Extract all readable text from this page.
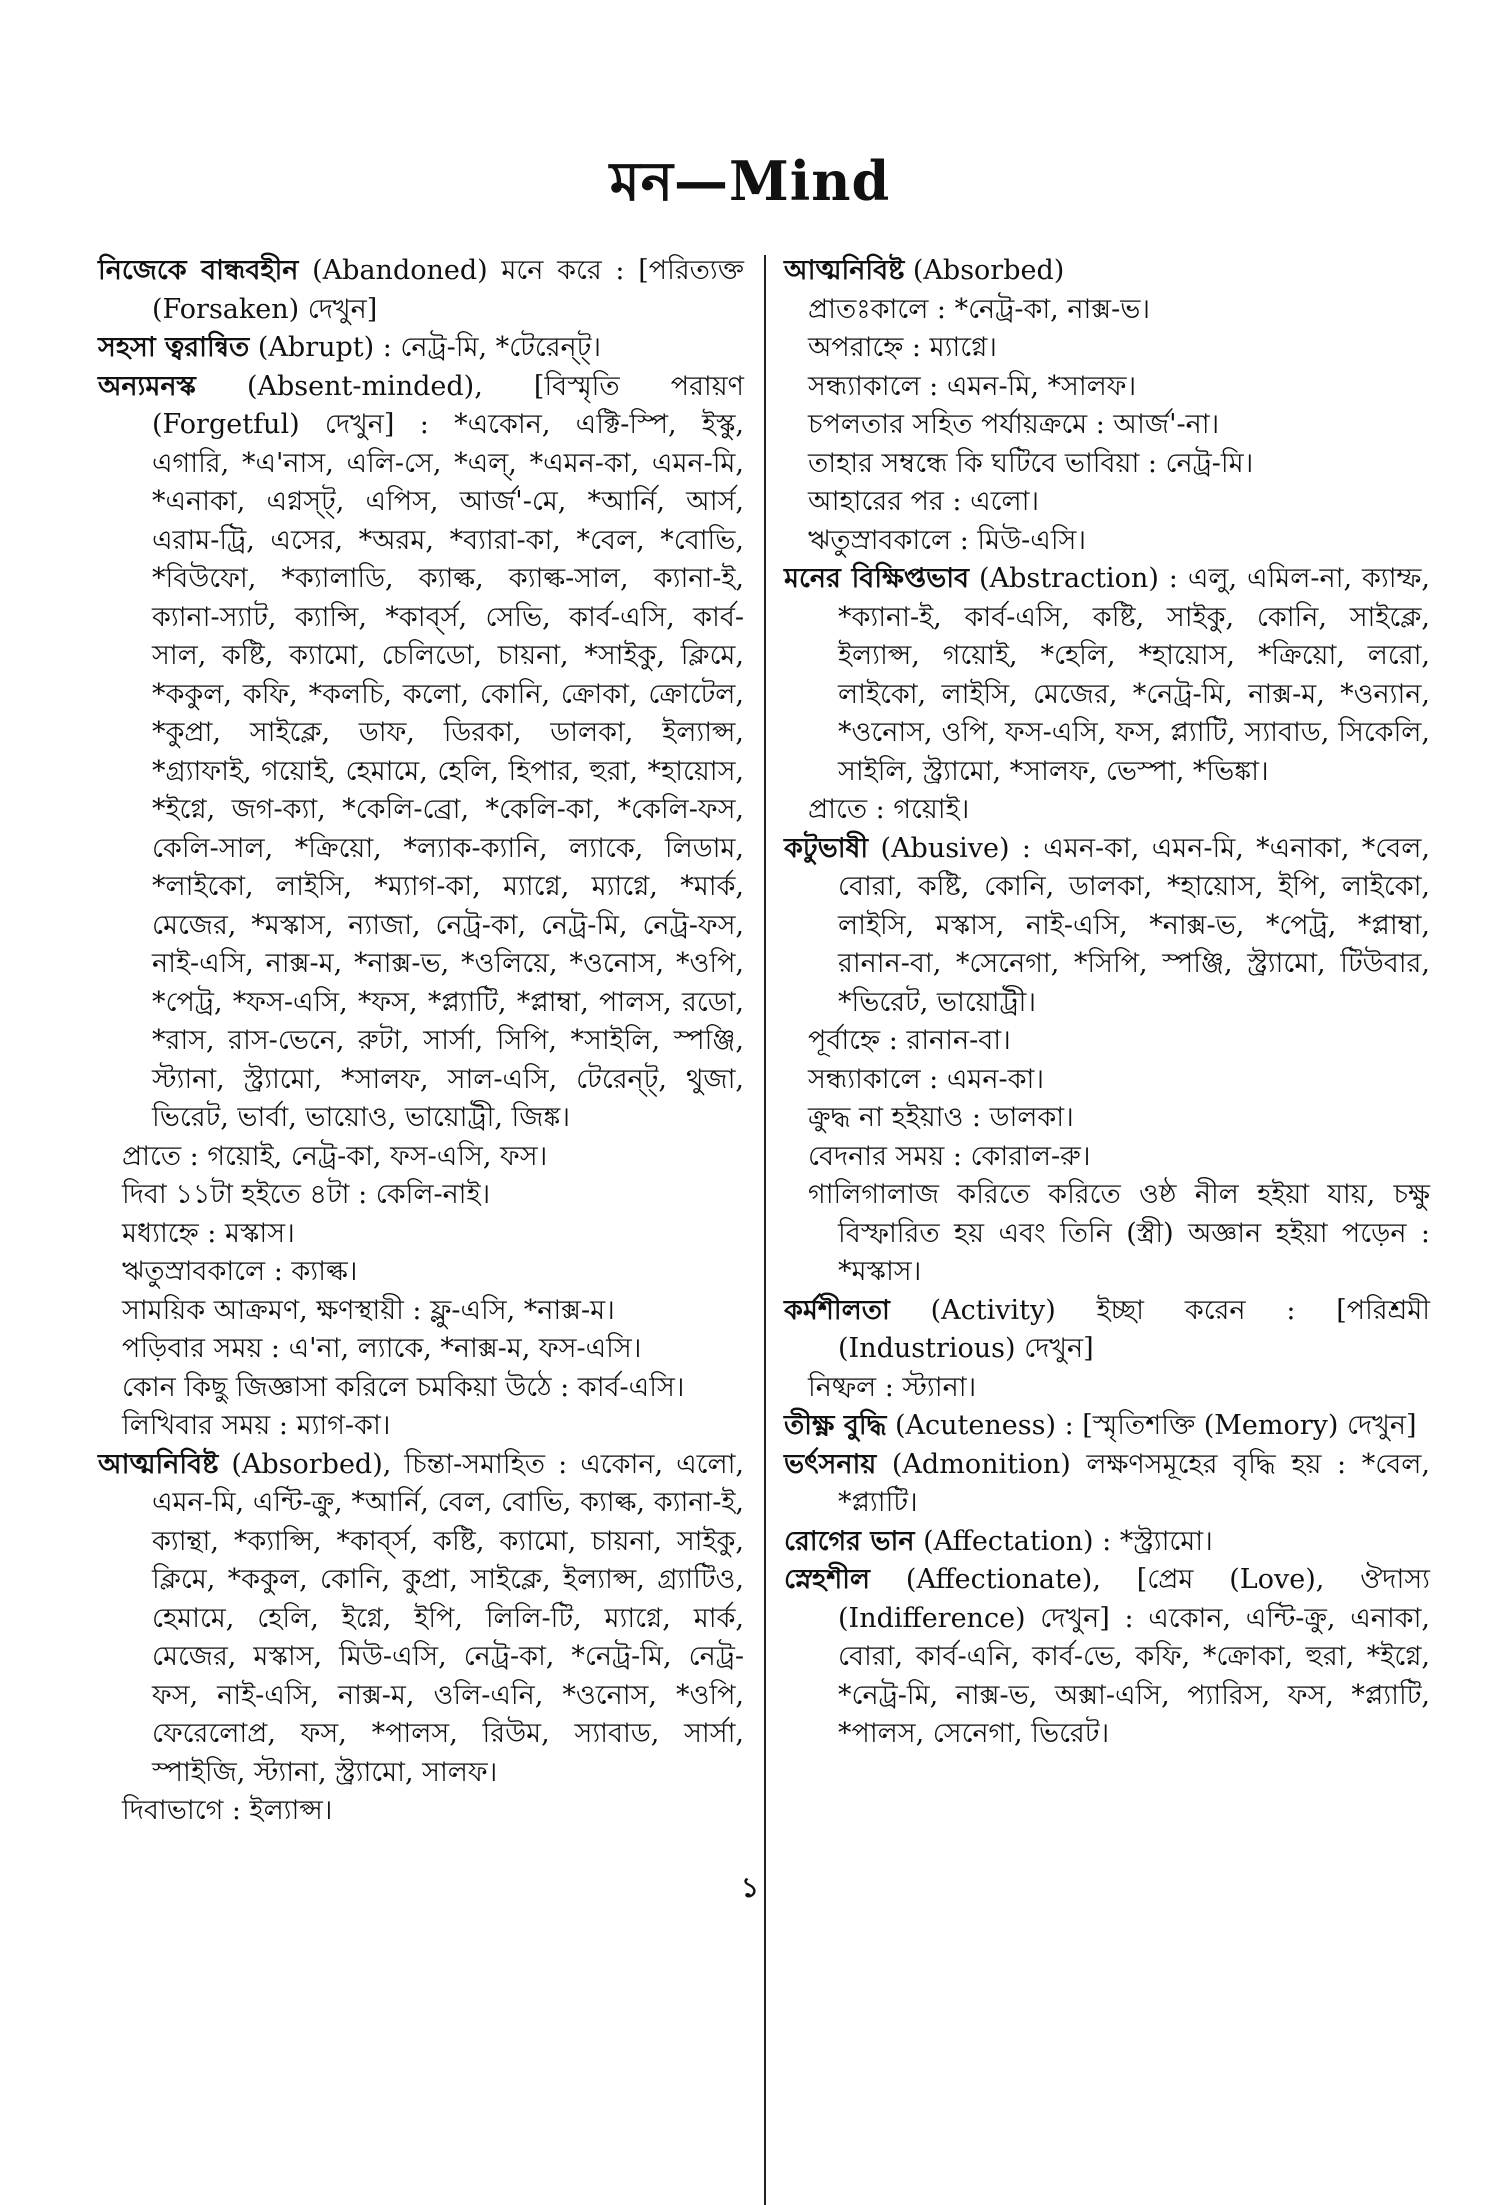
মন—Mind

নিজেকে বান্ধবহীন (Abandoned) মনে করে : [পরিত্যক্ত (Forsaken) দেখুন]

সহসা ত্বরান্বিত (Abrupt) : নেট্র-মি, *টেরেন্ট্।

অন্যমনস্ক (Absent-minded), [বিস্মৃতি পরায়ণ (Forgetful) দেখুন] : *একোন, এক্টি-স্পি, ইস্কু, এগারি, *এ'নাস, এলি-সে, *এল্, *এমন-কা, এমন-মি, *এনাকা, এগ্নস্ট্, এপিস, আর্জ'-মে, *আর্নি, আর্স, এরাম-ট্রি, এসের, *অরম, *ব্যারা-কা, *বেল, *বোভি, *বিউফো, *ক্যালাডি, ক্যাল্ক, ক্যাল্ক-সাল, ক্যানা-ই, ক্যানা-স্যাট, ক্যান্সি, *কার্ব্স, সেভি, কার্ব-এসি, কার্ব-সাল, কষ্টি, ক্যামো, চেলিডো, চায়না, *সাইকু, ক্লিমে, *ককুল, কফি, *কলচি, কলো, কোনি, ক্রোকা, ক্রোটেল, *কুপ্রা, সাইক্লে, ডাফ, ডিরকা, ডালকা, ইল্যাপ্স, *গ্র্যাফাই, গয়োই, হেমামে, হেলি, হিপার, হুরা, *হায়োস, *ইগ্নে, জগ-ক্যা, *কেলি-ব্রো, *কেলি-কা, *কেলি-ফস, কেলি-সাল, *ক্রিয়ো, *ল্যাক-ক্যানি, ল্যাকে, লিডাম, *লাইকো, লাইসি, *ম্যাগ-কা, ম্যাগ্নে, ম্যাগ্নে, *মার্ক, মেজের, *মস্কাস, ন্যাজা, নেট্র-কা, নেট্র-মি, নেট্র-ফস, নাই-এসি, নাক্স-ম, *নাক্স-ভ, *ওলিয়ে, *ওনোস, *ওপি, *পেট্র, *ফস-এসি, *ফস, *প্ল্যাটি, *প্লাম্বা, পালস, রডো, *রাস, রাস-ভেনে, রুটা, সার্সা, সিপি, *সাইলি, স্পঞ্জি, স্ট্যানা, স্ট্র্যামো, *সালফ, সাল-এসি, টেরেন্ট্, থুজা, ভিরেট, ভার্বা, ভায়োও, ভায়োট্রী, জিঙ্ক।

প্রাতে : গয়োই, নেট্র-কা, ফস-এসি, ফস।

দিবা ১১টা হইতে ৪টা : কেলি-নাই।

মধ্যাহ্নে : মস্কাস।

ঋতুস্রাবকালে : ক্যাল্ক।

সাময়িক আক্রমণ, ক্ষণস্থায়ী : ফ্লু-এসি, *নাক্স-ম।

পড়িবার সময় : এ'না, ল্যাকে, *নাক্স-ম, ফস-এসি।

কোন কিছু জিজ্ঞাসা করিলে চমকিয়া উঠে : কার্ব-এসি।

লিখিবার সময় : ম্যাগ-কা।

আত্মনিবিষ্ট (Absorbed), চিন্তা-সমাহিত : একোন, এলো, এমন-মি, এন্টি-ক্রু, *আর্নি, বেল, বোভি, ক্যাল্ক, ক্যানা-ই, ক্যান্থা, *ক্যাপ্সি, *কার্ব্স, কষ্টি, ক্যামো, চায়না, সাইকু, ক্লিমে, *ককুল, কোনি, কুপ্রা, সাইক্লে, ইল্যাপ্স, গ্র্যাটিও, হেমামে, হেলি, ইগ্নে, ইপি, লিলি-টি, ম্যাগ্নে, মার্ক, মেজের, মস্কাস, মিউ-এসি, নেট্র-কা, *নেট্র-মি, নেট্র-ফস, নাই-এসি, নাক্স-ম, ওলি-এনি, *ওনোস, *ওপি, ফেরেলোপ্র, ফস, *পালস, রিউম, স্যাবাড, সার্সা, স্পাইজি, স্ট্যানা, স্ট্র্যামো, সালফ।

দিবাভাগে : ইল্যাপ্স।

আত্মনিবিষ্ট (Absorbed)

প্রাতঃকালে : *নেট্র-কা, নাক্স-ভ।

অপরাহ্নে : ম্যাগ্নে।

সন্ধ্যাকালে : এমন-মি, *সালফ।

চপলতার সহিত পর্যায়ক্রমে : আর্জ'-না।

তাহার সম্বন্ধে কি ঘটিবে ভাবিয়া : নেট্র-মি।

আহারের পর : এলো।

ঋতুস্রাবকালে : মিউ-এসি।

মনের বিক্ষিপ্তভাব (Abstraction) : এলু, এমিল-না, ক্যাম্ফ, *ক্যানা-ই, কার্ব-এসি, কষ্টি, সাইকু, কোনি, সাইক্লে, ইল্যাপ্স, গয়োই, *হেলি, *হায়োস, *ক্রিয়ো, লরো, লাইকো, লাইসি, মেজের, *নেট্র-মি, নাক্স-ম, *ওন্যান, *ওনোস, ওপি, ফস-এসি, ফস, প্ল্যাটি, স্যাবাড, সিকেলি, সাইলি, স্ট্র্যামো, *সালফ, ভেস্পা, *ভিঙ্কা।

প্রাতে : গয়োই।

কটুভাষী (Abusive) : এমন-কা, এমন-মি, *এনাকা, *বেল, বোরা, কষ্টি, কোনি, ডালকা, *হায়োস, ইপি, লাইকো, লাইসি, মস্কাস, নাই-এসি, *নাক্স-ভ, *পেট্র, *প্লাম্বা, রানান-বা, *সেনেগা, *সিপি, স্পঞ্জি, স্ট্র্যামো, টিউবার, *ভিরেট, ভায়োট্রী।

পূর্বাহ্নে : রানান-বা।

সন্ধ্যাকালে : এমন-কা।

ক্রুদ্ধ না হইয়াও : ডালকা।

বেদনার সময় : কোরাল-রু।

গালিগালাজ করিতে করিতে ওষ্ঠ নীল হইয়া যায়, চক্ষু বিস্ফারিত হয় এবং তিনি (স্ত্রী) অজ্ঞান হইয়া পড়েন : *মস্কাস।

কর্মশীলতা (Activity) ইচ্ছা করেন : [পরিশ্রমী (Industrious) দেখুন]

নিষ্ফল : স্ট্যানা।

তীক্ষ্ণ বুদ্ধি (Acuteness) : [স্মৃতিশক্তি (Memory) দেখুন]

ভর্ৎসনায় (Admonition) লক্ষণসমূহের বৃদ্ধি হয় : *বেল, *প্ল্যাটি।

রোগের ভান (Affectation) : *স্ট্র্যামো।

স্নেহশীল (Affectionate), [প্রেম (Love), ঔদাস্য (Indifference) দেখুন] : একোন, এন্টি-ক্রু, এনাকা, বোরা, কার্ব-এনি, কার্ব-ভে, কফি, *ক্রোকা, হুরা, *ইগ্নে, *নেট্র-মি, নাক্স-ভ, অক্সা-এসি, প্যারিস, ফস, *প্ল্যাটি, *পালস, সেনেগা, ভিরেট।

১
